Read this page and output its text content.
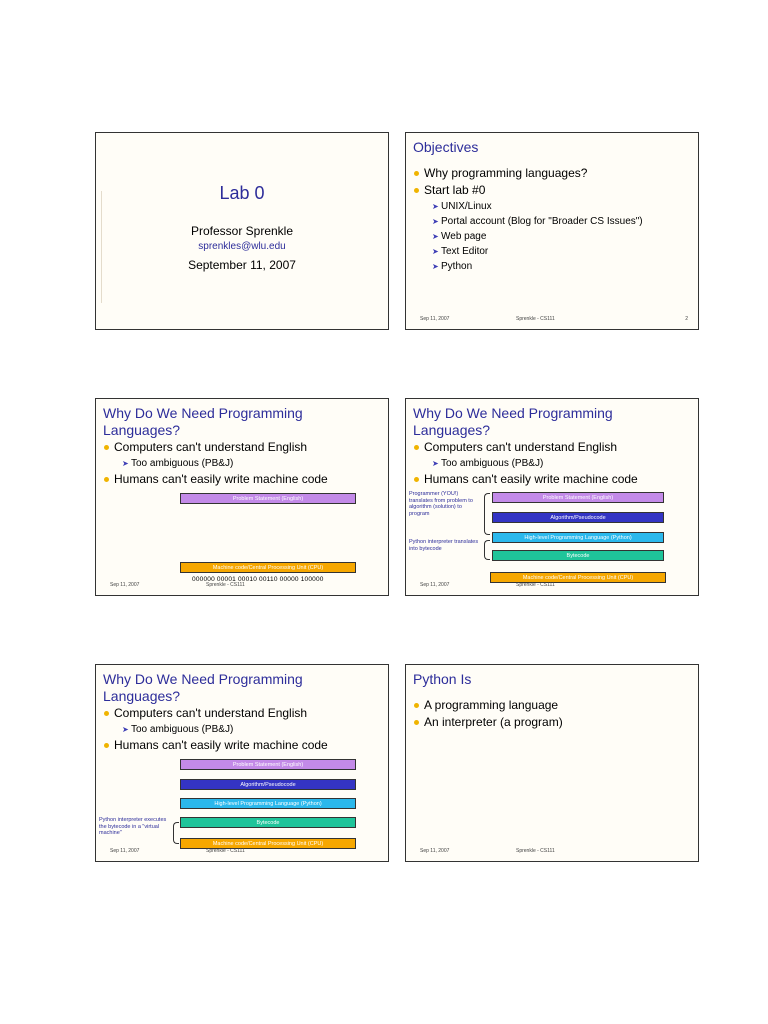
Lab 0
Professor Sprenkle
sprenkles@wlu.edu
September 11, 2007
Objectives
Why programming languages?
Start lab #0
➤ UNIX/Linux
➤ Portal account (Blog for "Broader CS Issues")
➤ Web page
➤ Text Editor
➤ Python
Sep 11, 2007	Sprenkle - CS111	2
Why Do We Need Programming Languages?
Computers can't understand English
➤ Too ambiguous (PB&J)
Humans can't easily write machine code
Problem Statement (English)
Machine code/Central Processing Unit (CPU)
000000 00001 00010 00110 00000 100000
Sep 11, 2007	Sprenkle - CS111
Why Do We Need Programming Languages?
Computers can't understand English
➤ Too ambiguous (PB&J)
Humans can't easily write machine code
Programmer (YOU!) translates from problem to algorithm (solution) to program
Python interpreter translates into bytecode
Problem Statement (English)
Algorithm/Pseudocode
High-level Programming Language (Python)
Bytecode
Machine code/Central Processing Unit (CPU)
Sep 11, 2007	Sprenkle - CS111
Why Do We Need Programming Languages?
Computers can't understand English
➤ Too ambiguous (PB&J)
Humans can't easily write machine code
Problem Statement (English)
Algorithm/Pseudocode
High-level Programming Language (Python)
Python interpreter executes the bytecode in a "virtual machine"
Bytecode
Machine code/Central Processing Unit (CPU)
Sep 11, 2007	Sprenkle - CS111
Python Is
A programming language
An interpreter (a program)
Sep 11, 2007	Sprenkle - CS111
